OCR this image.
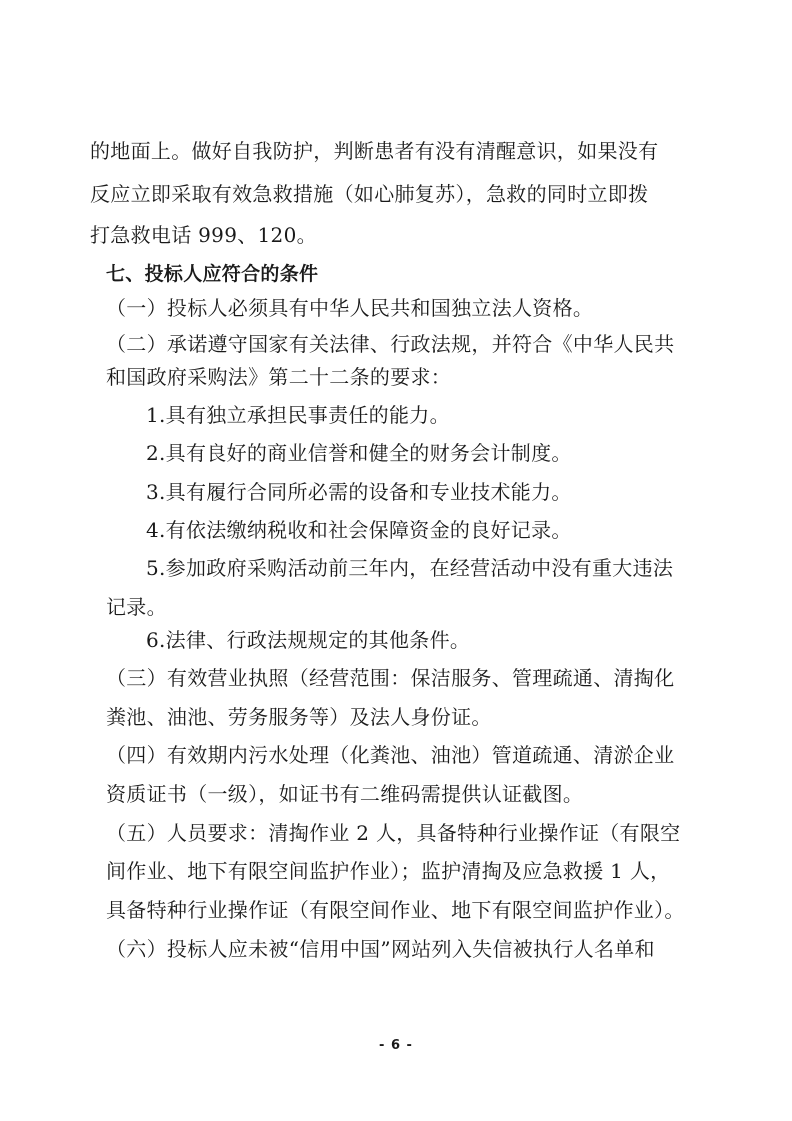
的地面上。做好自我防护，判断患者有没有清醒意识，如果没有
反应立即采取有效急救措施（如心肺复苏），急救的同时立即拨
打急救电话 999、120。
七、投标人应符合的条件
（一）投标人必须具有中华人民共和国独立法人资格。
（二）承诺遵守国家有关法律、行政法规，并符合《中华人民共
和国政府采购法》第二十二条的要求：
1.具有独立承担民事责任的能力。
2.具有良好的商业信誉和健全的财务会计制度。
3.具有履行合同所必需的设备和专业技术能力。
4.有依法缴纳税收和社会保障资金的良好记录。
5.参加政府采购活动前三年内，在经营活动中没有重大违法
记录。
6.法律、行政法规规定的其他条件。
（三）有效营业执照（经营范围：保洁服务、管理疏通、清掏化
粪池、油池、劳务服务等）及法人身份证。
（四）有效期内污水处理（化粪池、油池）管道疏通、清淤企业
资质证书（一级），如证书有二维码需提供认证截图。
（五）人员要求：清掏作业 2 人，具备特种行业操作证（有限空
间作业、地下有限空间监护作业）；监护清掏及应急救援 1 人，
具备特种行业操作证（有限空间作业、地下有限空间监护作业）。
（六）投标人应未被“信用中国”网站列入失信被执行人名单和
- 6 -
